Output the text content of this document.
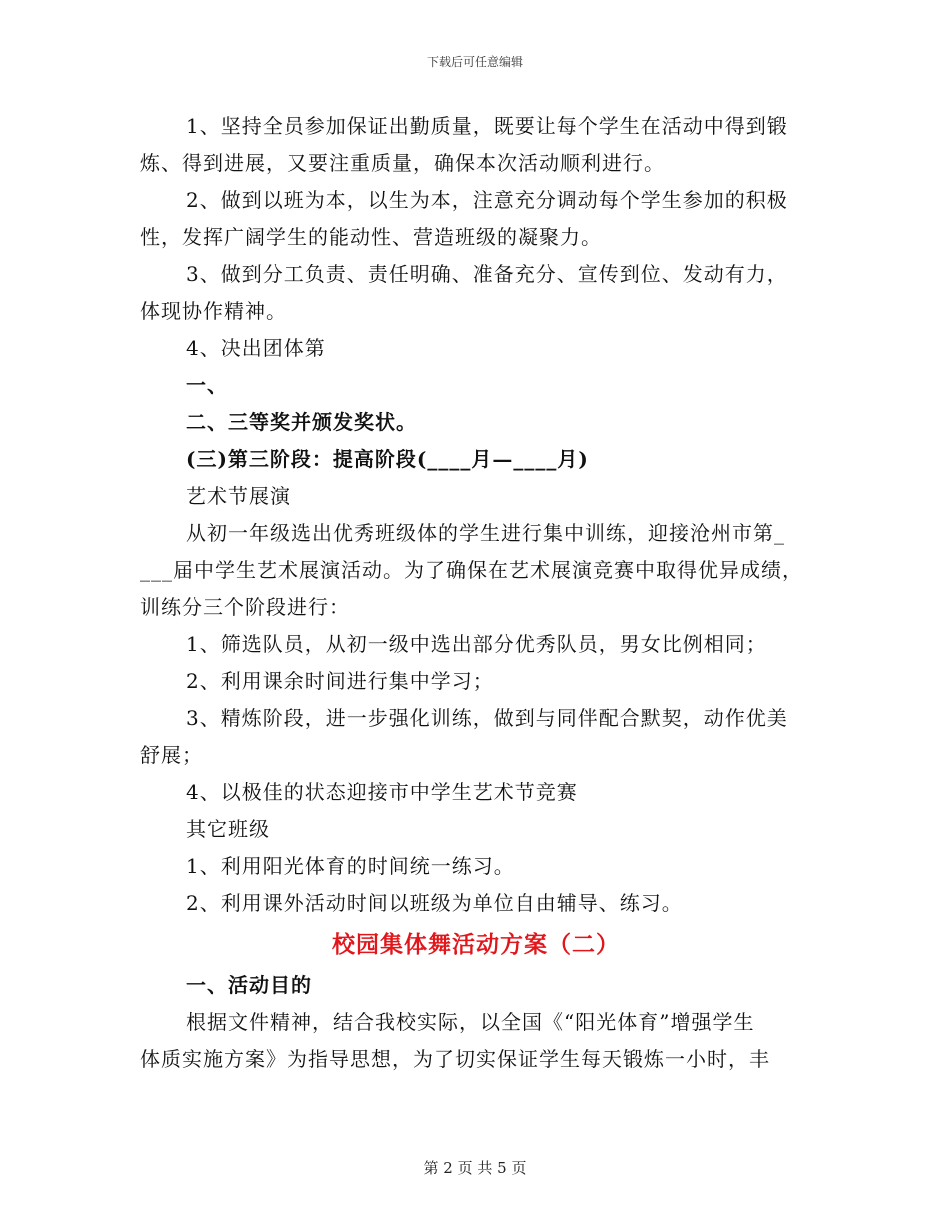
下载后可任意编辑

1、坚持全员参加保证出勤质量，既要让每个学生在活动中得到锻

炼、得到进展，又要注重质量，确保本次活动顺利进行。

2、做到以班为本，以生为本，注意充分调动每个学生参加的积极

性，发挥广阔学生的能动性、营造班级的凝聚力。

3、做到分工负责、责任明确、准备充分、宣传到位、发动有力，

体现协作精神。

4、决出团体第

一、

二、三等奖并颁发奖状。

(三)第三阶段：提高阶段(____月—____月)

艺术节展演

从初一年级选出优秀班级体的学生进行集中训练，迎接沧州市第_

___届中学生艺术展演活动。为了确保在艺术展演竞赛中取得优异成绩，

训练分三个阶段进行：

1、筛选队员，从初一级中选出部分优秀队员，男女比例相同；

2、利用课余时间进行集中学习；

3、精炼阶段，进一步强化训练，做到与同伴配合默契，动作优美

舒展；

4、以极佳的状态迎接市中学生艺术节竞赛

其它班级

1、利用阳光体育的时间统一练习。

2、利用课外活动时间以班级为单位自由辅导、练习。

校园集体舞活动方案（二）

一、活动目的

根据文件精神，结合我校实际，以全国《“阳光体育”增强学生

体质实施方案》为指导思想，为了切实保证学生每天锻炼一小时，丰

第 2 页 共 5 页
